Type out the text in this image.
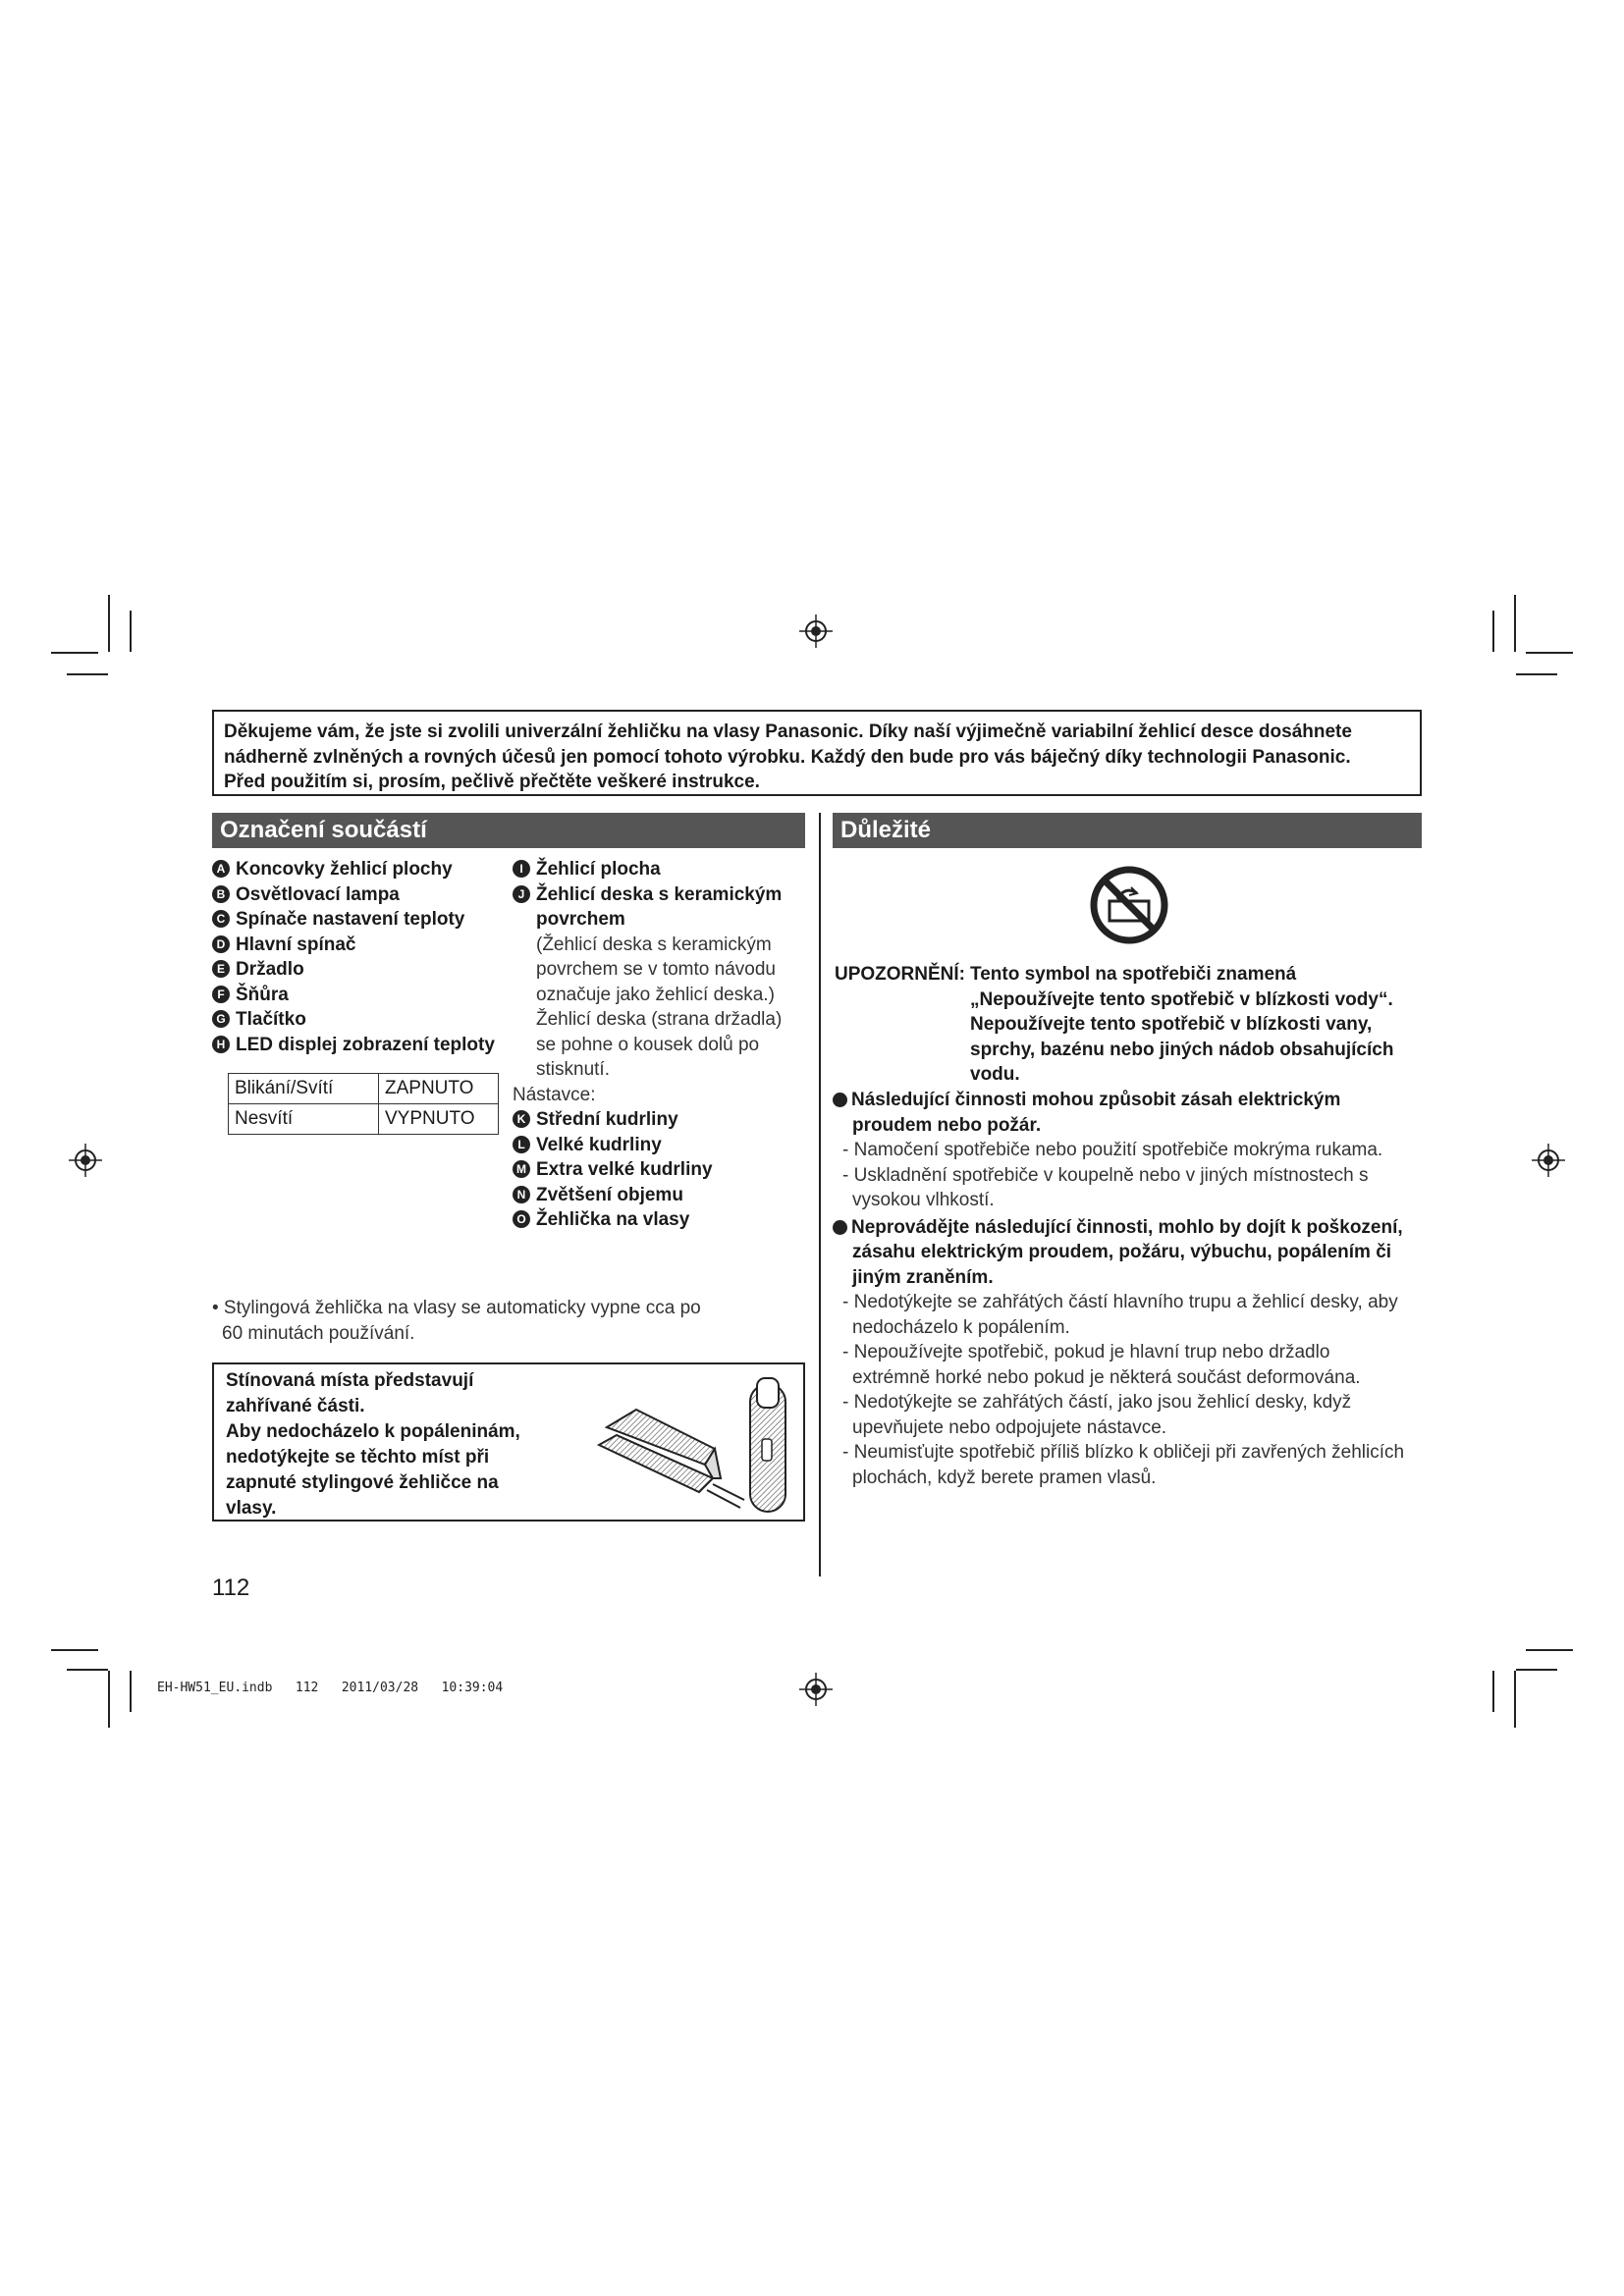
Děkujeme vám, že jste si zvolili univerzální žehličku na vlasy Panasonic. Díky naší výjimečně variabilní žehlicí desce dosáhnete
nádherně zvlněných a rovných účesů jen pomocí tohoto výrobku. Každý den bude pro vás báječný díky technologii Panasonic.
Před použitím si, prosím, pečlivě přečtěte veškeré instrukce.
Označení součástí	Důležité
A Koncovky žehlicí plochy
B Osvětlovací lampa
C Spínače nastavení teploty
D Hlavní spínač
E Držadlo
F Šňůra
G Tlačítko
H LED displej zobrazení teploty
Blikání/Svítí	ZAPNUTO
Nesvítí	VYPNUTO
I Žehlicí plocha
J Žehlicí deska s keramickým
povrchem
(Žehlicí deska s keramickým
povrchem se v tomto návodu
označuje jako žehlicí deska.)
Žehlicí deska (strana držadla)
se pohne o kousek dolů po
stisknutí.
Nástavce:
K Střední kudrliny
L Velké kudrliny
M Extra velké kudrliny
N Zvětšení objemu
O Žehlička na vlasy
• Stylingová žehlička na vlasy se automaticky vypne cca po
60 minutách používání.
Stínovaná místa představují
zahřívané části.
Aby nedocházelo k popáleninám,
nedotýkejte se těchto míst při
zapnuté stylingové žehličce na
vlasy.
UPOZORNĚNÍ: Tento symbol na spotřebiči znamená
„Nepoužívejte tento spotřebič v blízkosti vody“.
Nepoužívejte tento spotřebič v blízkosti vany,
sprchy, bazénu nebo jiných nádob obsahujících
vodu.
Následující činnosti mohou způsobit zásah elektrickým
proudem nebo požár.
- Namočení spotřebiče nebo použití spotřebiče mokrýma rukama.
- Uskladnění spotřebiče v koupelně nebo v jiných místnostech s
vysokou vlhkostí.
Neprovádějte následující činnosti, mohlo by dojít k poškození,
zásahu elektrickým proudem, požáru, výbuchu, popálením či
jiným zraněním.
- Nedotýkejte se zahřátých částí hlavního trupu a žehlicí desky, aby
nedocházelo k popálením.
- Nepoužívejte spotřebič, pokud je hlavní trup nebo držadlo
extrémně horké nebo pokud je některá součást deformována.
- Nedotýkejte se zahřátých částí, jako jsou žehlicí desky, když
upevňujete nebo odpojujete nástavce.
- Neumisťujte spotřebič příliš blízko k obličeji při zavřených žehlicích
plochách, když berete pramen vlasů.
112
EH-HW51_EU.indb   112   2011/03/28   10:39:04
